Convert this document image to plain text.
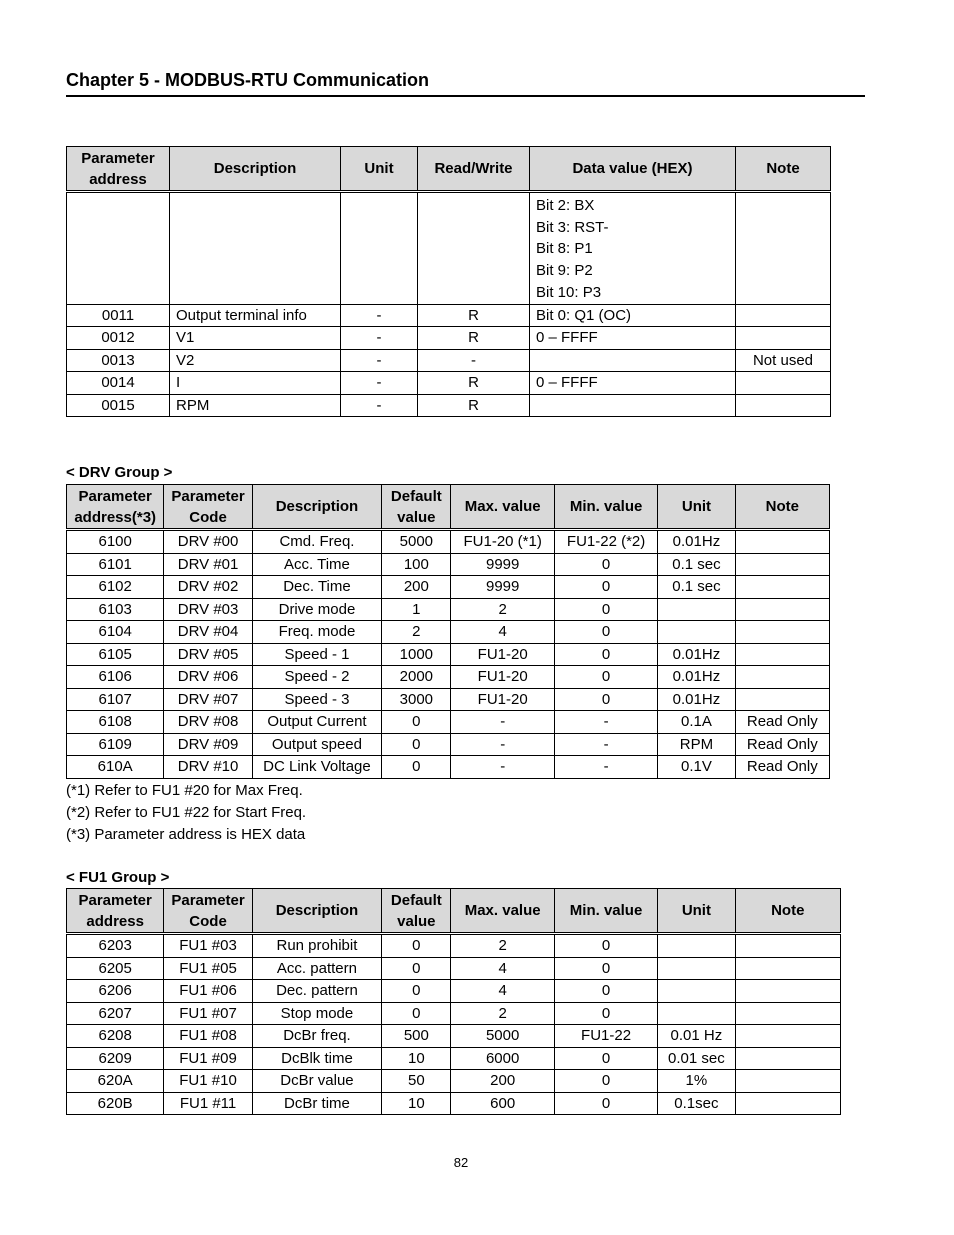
Chapter 5 - MODBUS-RTU Communication
Parameter address	Description	Unit	Read/Write	Data value (HEX)	Note

				Bit 2: BX
Bit 3: RST-
Bit 8: P1
Bit 9: P2
Bit 10: P3	

0011	Output terminal info	-	R	Bit 0: Q1 (OC)	
0012	V1	-	R	0 – FFFF	
0013	V2	-	-		Not used
0014	I	-	R	0 – FFFF	
0015	RPM	-	R		
< DRV Group >
Parameter address(*3)	Parameter Code	Description	Default value	Max. value	Min. value	Unit	Note
6100	DRV #00	Cmd. Freq.	5000	FU1-20 (*1)	FU1-22 (*2)	0.01Hz	
6101	DRV #01	Acc. Time	100	9999	0	0.1 sec	
6102	DRV #02	Dec. Time	200	9999	0	0.1 sec	
6103	DRV #03	Drive mode	1	2	0		
6104	DRV #04	Freq. mode	2	4	0		
6105	DRV #05	Speed - 1	1000	FU1-20	0	0.01Hz	
6106	DRV #06	Speed - 2	2000	FU1-20	0	0.01Hz	
6107	DRV #07	Speed - 3	3000	FU1-20	0	0.01Hz	
6108	DRV #08	Output Current	0	-	-	0.1A	Read Only
6109	DRV #09	Output speed	0	-	-	RPM	Read Only
610A	DRV #10	DC Link Voltage	0	-	-	0.1V	Read Only
(*1) Refer to FU1 #20 for Max Freq.
(*2) Refer to FU1 #22 for Start Freq.
(*3) Parameter address is HEX data
< FU1 Group >
Parameter address	Parameter Code	Description	Default value	Max. value	Min. value	Unit	Note
6203	FU1 #03	Run prohibit	0	2	0		
6205	FU1 #05	Acc. pattern	0	4	0		
6206	FU1 #06	Dec. pattern	0	4	0		
6207	FU1 #07	Stop mode	0	2	0		
6208	FU1 #08	DcBr freq.	500	5000	FU1-22	0.01 Hz	
6209	FU1 #09	DcBlk time	10	6000	0	0.01 sec	
620A	FU1 #10	DcBr value	50	200	0	1%	
620B	FU1 #11	DcBr time	10	600	0	0.1sec	
82
